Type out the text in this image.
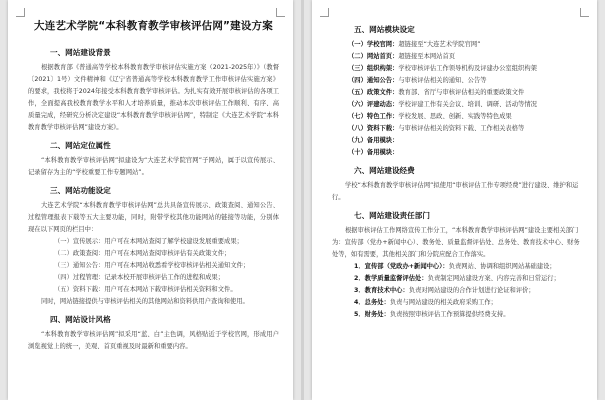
大连艺术学院“本科教育教学审核评估网”建设方案
一、网站建设背景

根据教育部《普通高等学校本科教育教学审核评估实施方案（2021-2025年）》（教督〔2021〕1号）文件精神和《辽宁省普通高等学校本科教育教学工作审核评估实施方案》的要求，我校将于2024年接受本科教育教学审核评估。为扎实有效开展审核评估的各项工作，全面提高我校教育教学水平和人才培养质量，推动本次审核评估工作顺利、有序、高质量完成，经研究分析决定建设“本科教育教学审核评估网”，特制定《大连艺术学院“本科教育教学审核评估网”建设方案》。

二、网站定位属性

“本科教育教学审核评估网”拟建设为“大连艺术学院官网”子网站，属于以宣传展示、记录留存为主的“学校重要工作专题网站”。

三、网站功能设定

大连艺术学院“本科教育教学审核评估网”总共具备宣传展示、政策查阅、通知公告、过程管理报表下载等五大主要功能，同时，附带学校其他功能网站的链接等功能，分别体现在以下网页的栏目中：

（一）宣传展示：用户可在本网站查阅了解学校建设发展重要成果；
（二）政策查阅：用户可在本网站查阅审核评估有关政策文件；
（三）通知公告：用户可在本网站收悉看学校审核评估相关通知文件；
（四）过程管理：记录本校开展审核评估工作的进程和成果；
（五）资料下载：用户可在本网站下载审核评估相关资料和文件。

同时，网站链接提供与审核评估相关的其他网站和资料供用户查询和使用。

四、网站设计风格

“本科教育教学审核评估网”拟采用“蓝、白”主色调，风格贴近于学校官网，形成用户浏览视觉上的统一，美观、首页重视及时最新和重要内容。

五、网站模块设定
（一）学校官网：超链接至“大连艺术学院官网”
（二）网站首页：超链接至本网站首页
（三）组织构架：学校审核评估工作领导机构及评建办公室组织构架
（四）通知公告：与审核评估相关的通知、公告等
（五）政策文件：教育部、省厅与审核评估相关的重要政策文件
（六）评建动态：学校评建工作有关会议、培训、调研、活动等情况
（七）特色工作：学校发展、思政、创新、实践等特色成果
（八）资料下载：与审核评估相关的资料下载、工作相关表格等
（九）备用模块：
（十）备用模块：
六、网站建设经费

学校“本科教育教学审核评估网”拟使用“审核评估工作专项经费”进行建设、维护和运行。

七、网站建设责任部门

根据审核评估工作网络宣传工作分工，“本科教育教学审核评估网”建设主要相关部门为：宣传部（党办+新闻中心）、教务处、质量监督评估处、总务处、教育技术中心、财务处等，如有需要，其他相关部门和分院应配合工作落实。

1．宣传部（党政办+新闻中心）：负责网站、协调和组织网站基础建设；
2．教学质量监督评估处：负责制定网站建设方案、内容完善和日常运行；
3．教育技术中心：负责对网站建设的合作计划进行论证和评价；
4．总务处：负责与网站建设的相关政府采购工作；
5．财务处：负责按照审核评估工作预算提供经费支持。
